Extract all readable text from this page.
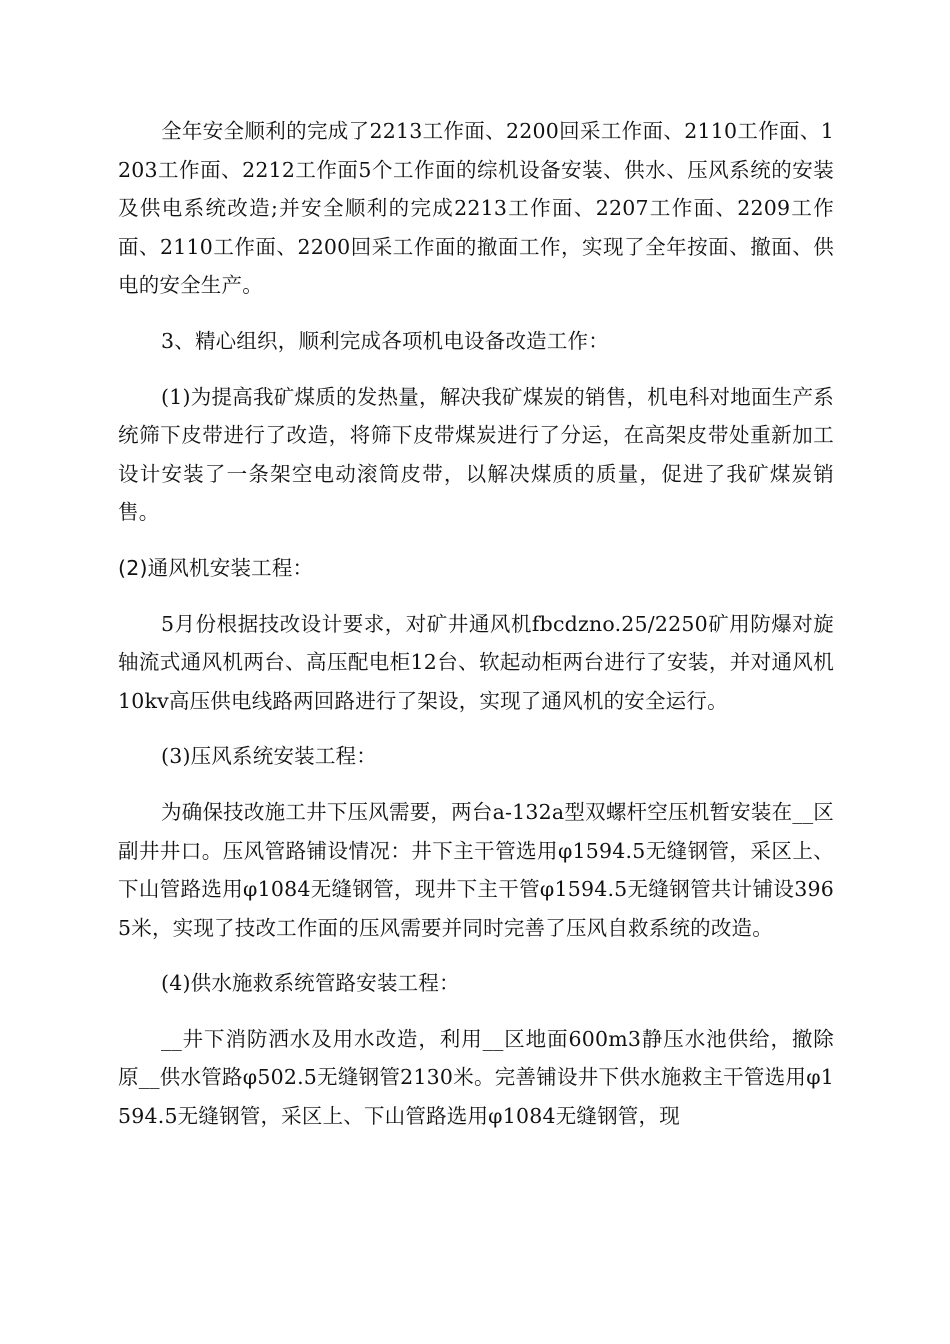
全年安全顺利的完成了2213工作面、2200回采工作面、2110工作面、1203工作面、2212工作面5个工作面的综机设备安装、供水、压风系统的安装及供电系统改造;并安全顺利的完成2213工作面、2207工作面、2209工作面、2110工作面、2200回采工作面的撤面工作，实现了全年按面、撤面、供电的安全生产。

3、精心组织，顺利完成各项机电设备改造工作：

(1)为提高我矿煤质的发热量，解决我矿煤炭的销售，机电科对地面生产系统筛下皮带进行了改造，将筛下皮带煤炭进行了分运，在高架皮带处重新加工设计安装了一条架空电动滚筒皮带，以解决煤质的质量，促进了我矿煤炭销售。

(2)通风机安装工程：

5月份根据技改设计要求，对矿井通风机fbcdzno.25/2250矿用防爆对旋轴流式通风机两台、高压配电柜12台、软起动柜两台进行了安装，并对通风机10kv高压供电线路两回路进行了架设，实现了通风机的安全运行。

(3)压风系统安装工程：

为确保技改施工井下压风需要，两台a-132a型双螺杆空压机暂安装在__区副井井口。压风管路铺设情况：井下主干管选用φ1594.5无缝钢管，采区上、下山管路选用φ1084无缝钢管，现井下主干管φ1594.5无缝钢管共计铺设3965米，实现了技改工作面的压风需要并同时完善了压风自救系统的改造。

(4)供水施救系统管路安装工程：

__井下消防洒水及用水改造，利用__区地面600m3静压水池供给，撤除原__供水管路φ502.5无缝钢管2130米。完善铺设井下供水施救主干管选用φ1594.5无缝钢管，采区上、下山管路选用φ1084无缝钢管，现
